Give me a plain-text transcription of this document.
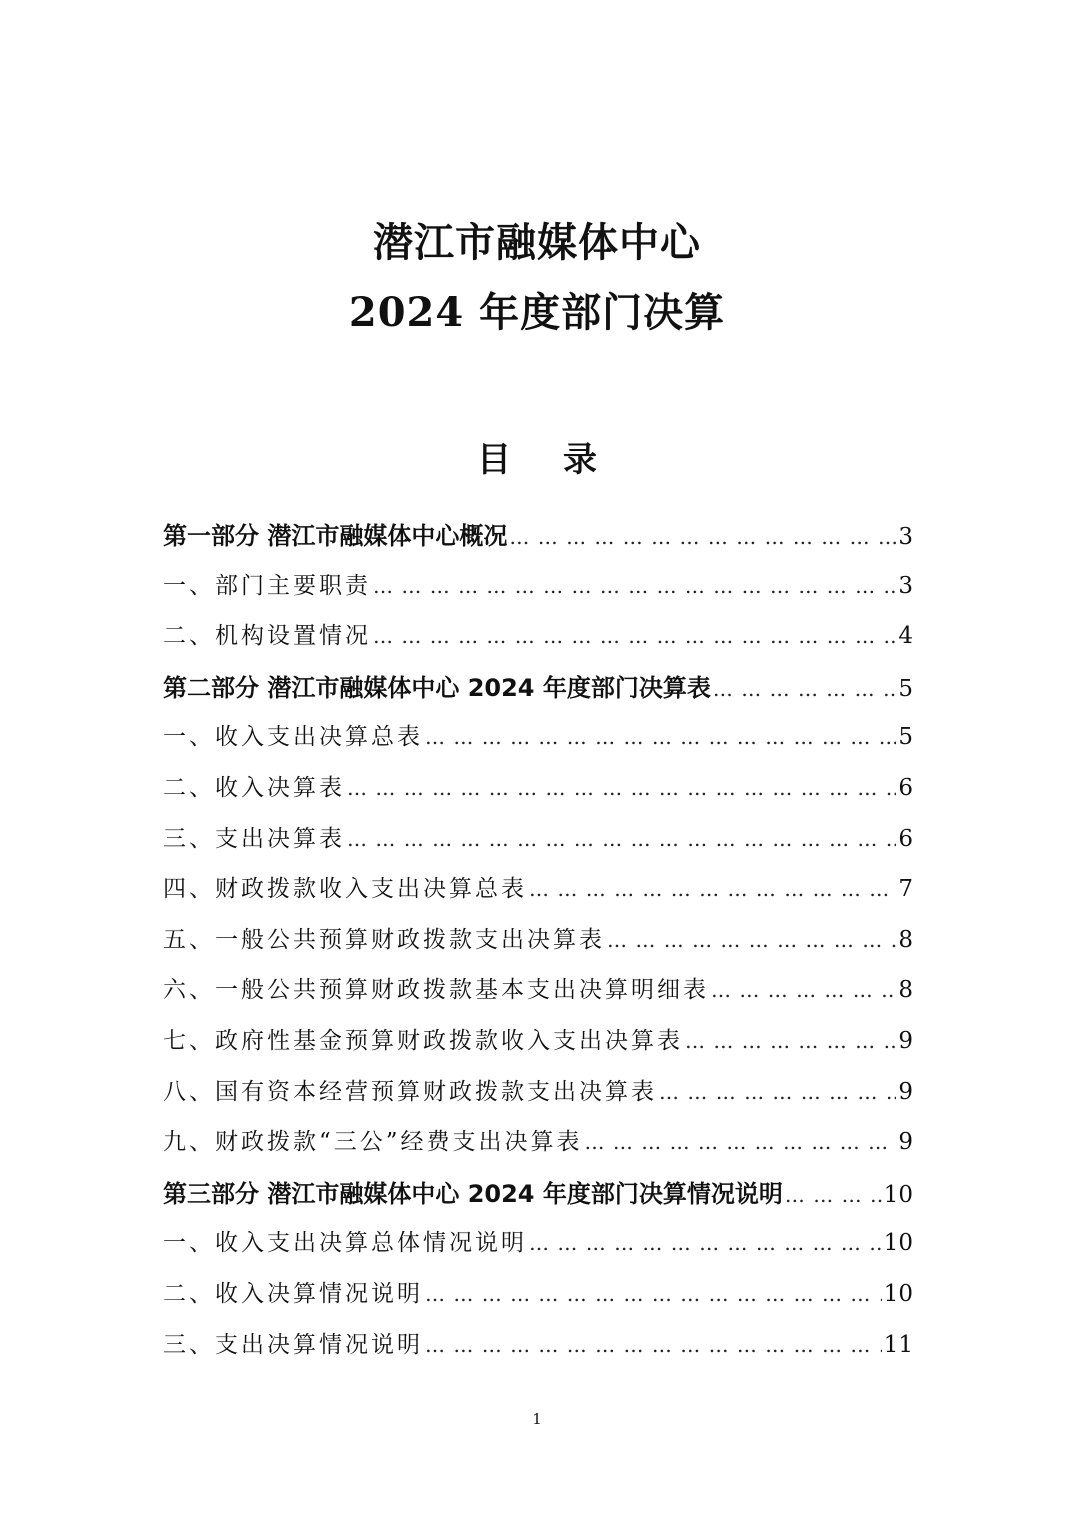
潜江市融媒体中心
2024 年度部门决算
目录
第一部分 潜江市融媒体中心概况 … … … … … … … … … … … … … … … … … … … … … … … … … … … … … … … … … … … … … … … … … … … … … … … … …	3
一、部门主要职责 … … … … … … … … … … … … … … … … … … … … … … … … … … … … … … … … … … … … … … … … … … … … … … … … …	3
二、机构设置情况 … … … … … … … … … … … … … … … … … … … … … … … … … … … … … … … … … … … … … … … … … … … … … … … … …	4
第二部分 潜江市融媒体中心 2024 年度部门决算表 … … … … … … … … … … … … … … … … … … … … … … … … … … … … … … … … … … … … … … … … … … … … … … … … …	5
一、收入支出决算总表 … … … … … … … … … … … … … … … … … … … … … … … … … … … … … … … … … … … … … … … … … … … … … … … … …	5
二、收入决算表 … … … … … … … … … … … … … … … … … … … … … … … … … … … … … … … … … … … … … … … … … … … … … … … … …	6
三、支出决算表 … … … … … … … … … … … … … … … … … … … … … … … … … … … … … … … … … … … … … … … … … … … … … … … … …	6
四、财政拨款收入支出决算总表 … … … … … … … … … … … … … … … … … … … … … … … … … … … … … … … … … … … … … … … … … … … … … … … … …	7
五、一般公共预算财政拨款支出决算表 … … … … … … … … … … … … … … … … … … … … … … … … … … … … … … … … … … … … … … … … … … … … … … … … …	8
六、一般公共预算财政拨款基本支出决算明细表 … … … … … … … … … … … … … … … … … … … … … … … … … … … … … … … … … … … … … … … … … … … … … … … … …	8
七、政府性基金预算财政拨款收入支出决算表 … … … … … … … … … … … … … … … … … … … … … … … … … … … … … … … … … … … … … … … … … … … … … … … … …	9
八、国有资本经营预算财政拨款支出决算表 … … … … … … … … … … … … … … … … … … … … … … … … … … … … … … … … … … … … … … … … … … … … … … … … …	9
九、财政拨款“三公”经费支出决算表 … … … … … … … … … … … … … … … … … … … … … … … … … … … … … … … … … … … … … … … … … … … … … … … … …	9
第三部分 潜江市融媒体中心 2024 年度部门决算情况说明 … … … … … … … … … … … … … … … … … … … … … … … … … … … … … … … … … … … … … … … … … … … … … … … … …	10
一、收入支出决算总体情况说明 … … … … … … … … … … … … … … … … … … … … … … … … … … … … … … … … … … … … … … … … … … … … … … … … …	10
二、收入决算情况说明 … … … … … … … … … … … … … … … … … … … … … … … … … … … … … … … … … … … … … … … … … … … … … … … … …	10
三、支出决算情况说明 … … … … … … … … … … … … … … … … … … … … … … … … … … … … … … … … … … … … … … … … … … … … … … … … …	11
1
